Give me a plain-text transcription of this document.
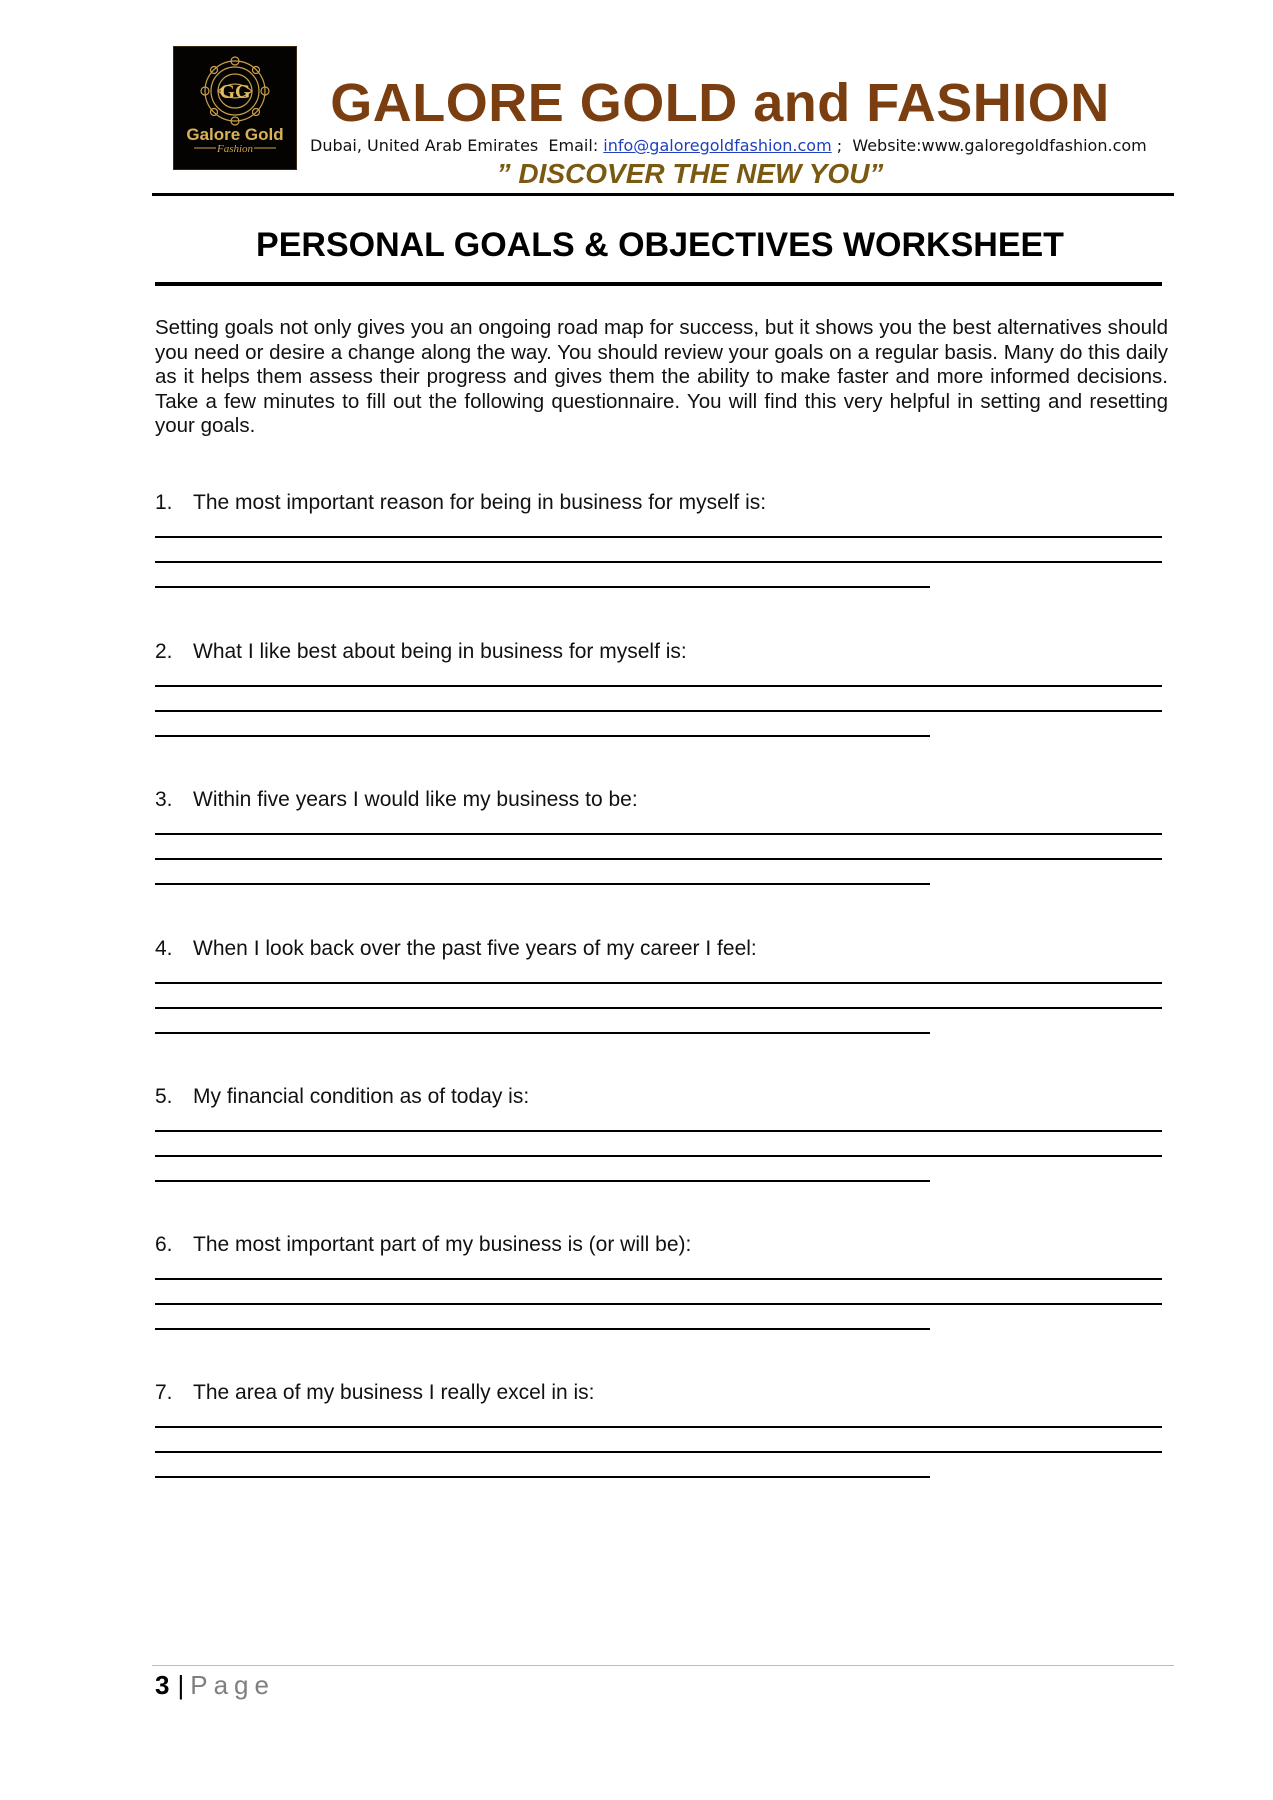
GG
Galore Gold
Fashion
GALORE GOLD and FASHION
Dubai, United Arab Emirates Email: info@galoregoldfashion.com ; Website:www.galoregoldfashion.com
” DISCOVER THE NEW YOU”
PERSONAL GOALS & OBJECTIVES WORKSHEET
Setting goals not only gives you an ongoing road map for success, but it shows you the best alternatives should you need or desire a change along the way. You should review your goals on a regular basis. Many do this daily as it helps them assess their progress and gives them the ability to make faster and more informed decisions. Take a few minutes to fill out the following questionnaire. You will find this very helpful in setting and resetting your goals.
1. The most important reason for being in business for myself is:
2. What I like best about being in business for myself is:
3. Within five years I would like my business to be:
4. When I look back over the past five years of my career I feel:
5. My financial condition as of today is:
6. The most important part of my business is (or will be):
7. The area of my business I really excel in is:
3 | Page
